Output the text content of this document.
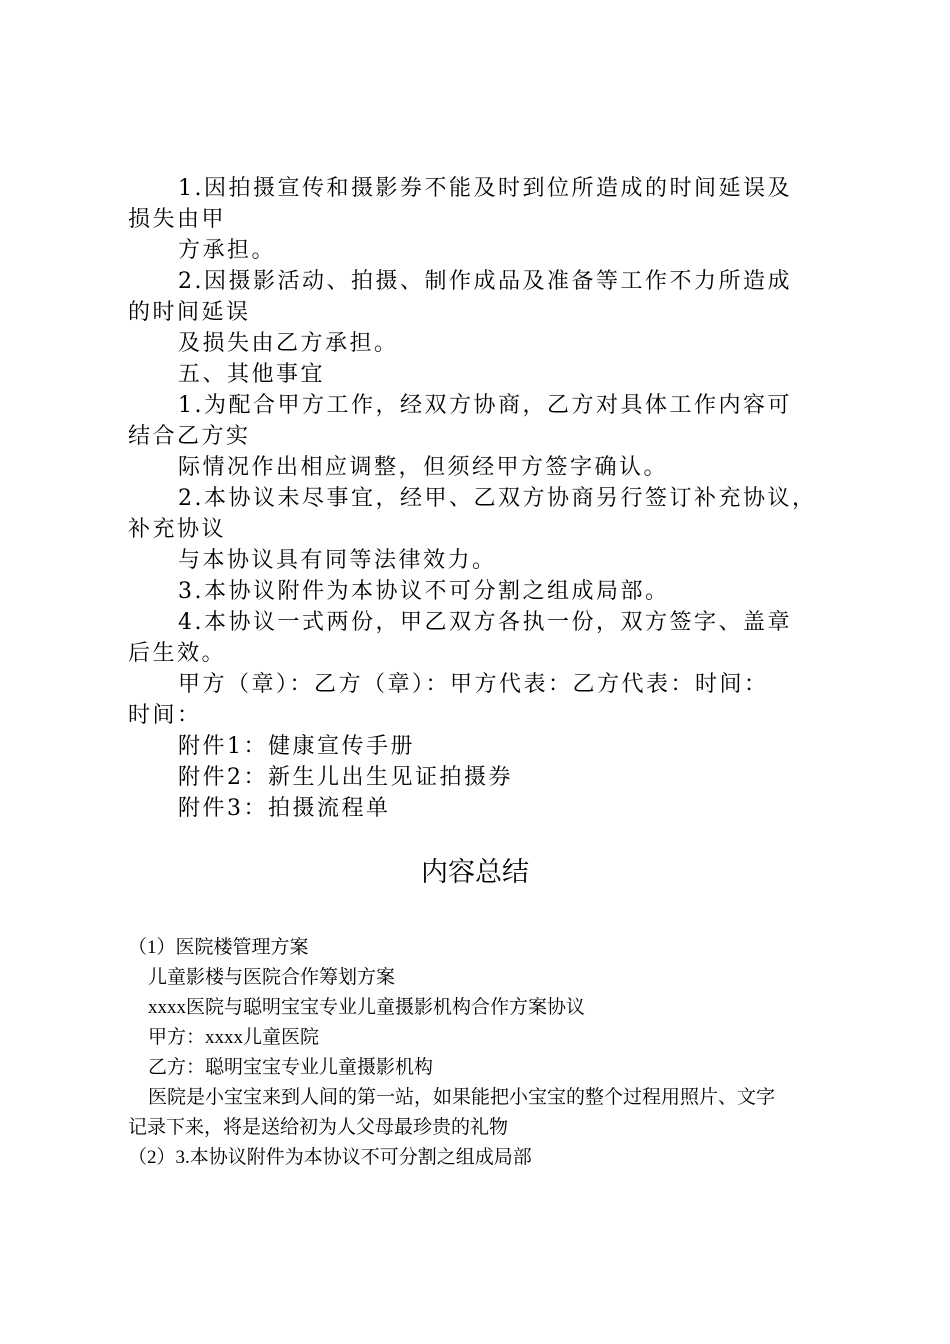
1.因拍摄宣传和摄影券不能及时到位所造成的时间延误及

损失由甲

方承担。

2.因摄影活动、拍摄、制作成品及准备等工作不力所造成

的时间延误

及损失由乙方承担。

五、其他事宜

1.为配合甲方工作，经双方协商，乙方对具体工作内容可

结合乙方实

际情况作出相应调整，但须经甲方签字确认。

2.本协议未尽事宜，经甲、乙双方协商另行签订补充协议，

补充协议

与本协议具有同等法律效力。

3.本协议附件为本协议不可分割之组成局部。

4.本协议一式两份，甲乙双方各执一份，双方签字、盖章

后生效。

甲方（章）：乙方（章）：甲方代表：乙方代表：时间：

时间：

附件1：健康宣传手册

附件2：新生儿出生见证拍摄券

附件3：拍摄流程单

内容总结

（1）医院楼管理方案

儿童影楼与医院合作筹划方案

xxxx医院与聪明宝宝专业儿童摄影机构合作方案协议

甲方：xxxx儿童医院

乙方：聪明宝宝专业儿童摄影机构

医院是小宝宝来到人间的第一站，如果能把小宝宝的整个过程用照片、文字

记录下来，将是送给初为人父母最珍贵的礼物

（2）3.本协议附件为本协议不可分割之组成局部
